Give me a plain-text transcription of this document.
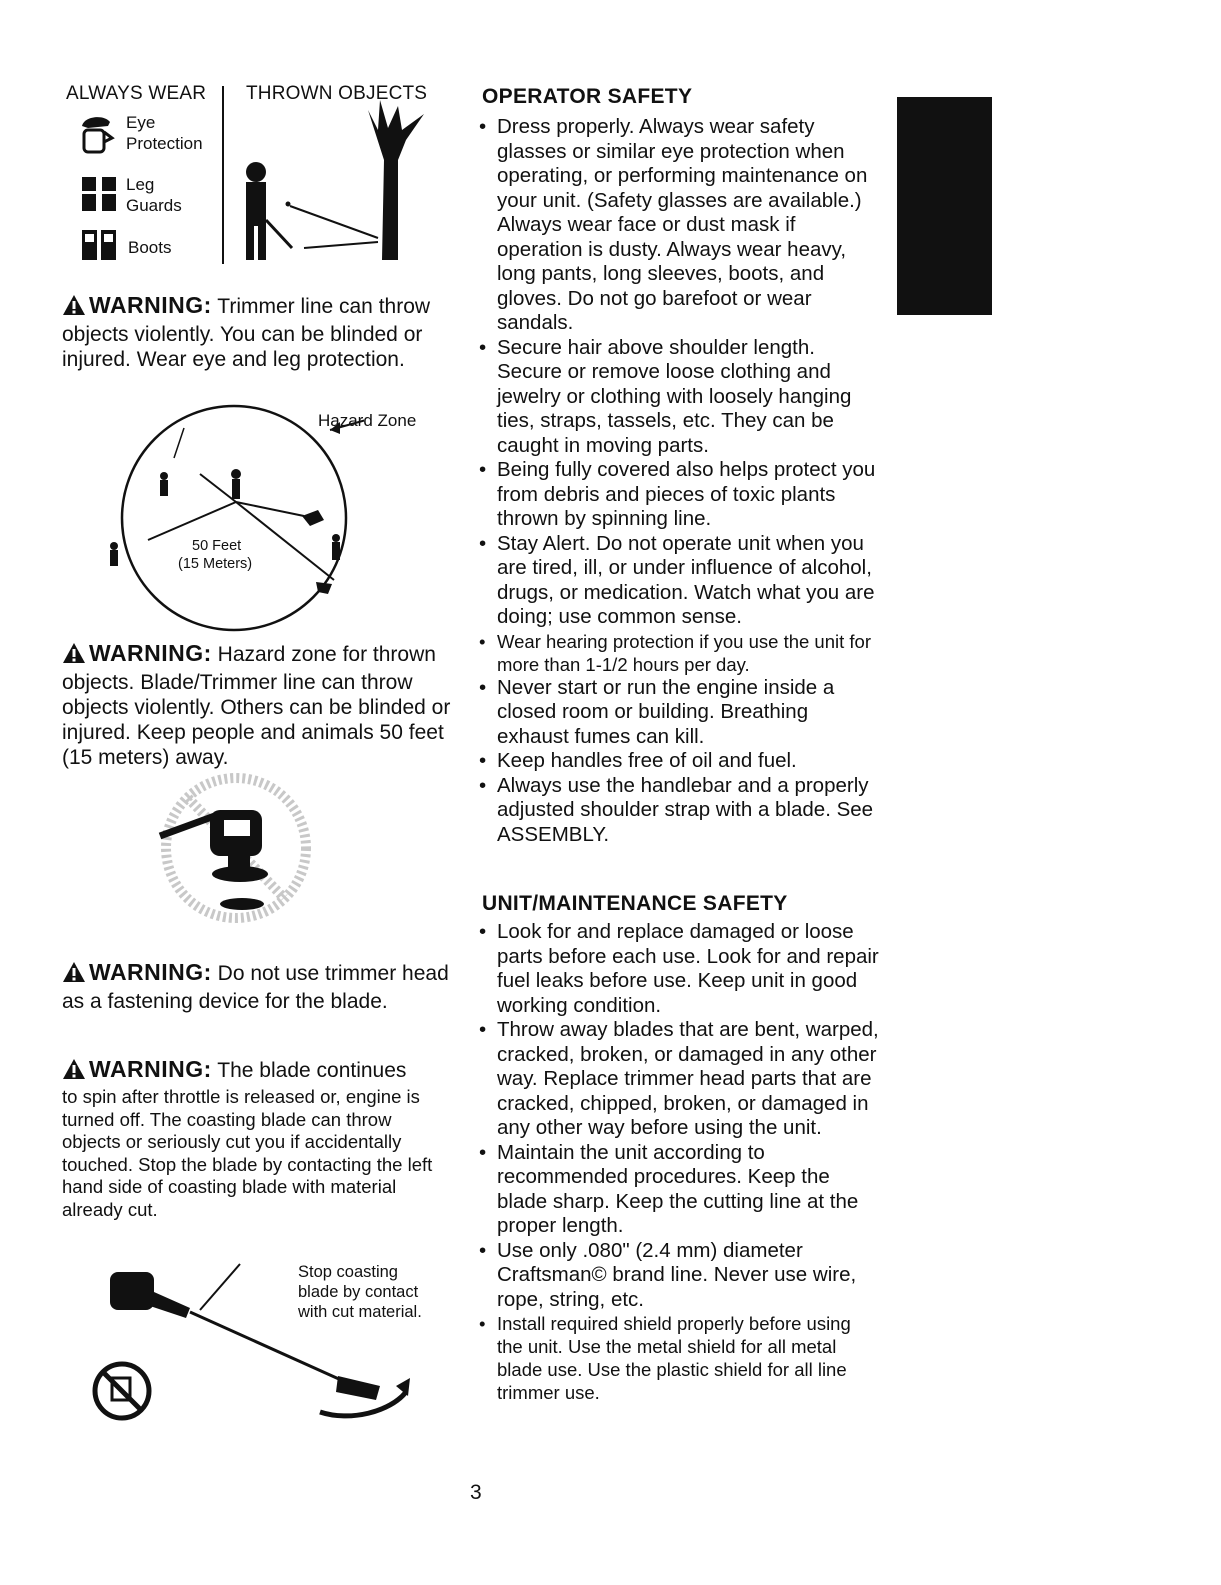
ALWAYS WEAR THROWN OBJECTS
Eye
Protection
Leg
Guards
Boots
WARNING: Trimmer line can throw objects violently. You can be blinded or injured. Wear eye and leg protection.
Hazard Zone
50 Feet
(15 Meters)
WARNING: Hazard zone for thrown objects. Blade/Trimmer line can throw objects violently. Others can be blinded or injured. Keep people and animals 50 feet (15 meters) away.
WARNING: Do not use trimmer head as a fastening device for the blade.
WARNING: The blade continues
to spin after throttle is released or, engine is turned off. The coasting blade can throw objects or seriously cut you if accidentally touched. Stop the blade by contacting the left hand side of coasting blade with material already cut.
Stop coasting
blade by contact
with cut material.
OPERATOR SAFETY
• Dress properly. Always wear safety glasses or similar eye protection when operating, or performing maintenance on your unit. (Safety glasses are available.) Always wear face or dust mask if operation is dusty. Always wear heavy, long pants, long sleeves, boots, and gloves. Do not go barefoot or wear sandals.
• Secure hair above shoulder length. Secure or remove loose clothing and jewelry or clothing with loosely hanging ties, straps, tassels, etc. They can be caught in moving parts.
• Being fully covered also helps protect you from debris and pieces of toxic plants thrown by spinning line.
• Stay Alert. Do not operate unit when you are tired, ill, or under influence of alcohol, drugs, or medication. Watch what you are doing; use common sense.
• Wear hearing protection if you use the unit for more than 1-1/2 hours per day.
• Never start or run the engine inside a closed room or building. Breathing exhaust fumes can kill.
• Keep handles free of oil and fuel.
• Always use the handlebar and a properly adjusted shoulder strap with a blade. See ASSEMBLY.
UNIT/MAINTENANCE SAFETY
• Look for and replace damaged or loose parts before each use. Look for and repair fuel leaks before use. Keep unit in good working condition.
• Throw away blades that are bent, warped, cracked, broken, or damaged in any other way. Replace trimmer head parts that are cracked, chipped, broken, or damaged in any other way before using the unit.
• Maintain the unit according to recommended procedures. Keep the blade sharp. Keep the cutting line at the proper length.
• Use only .080" (2.4 mm) diameter Craftsman© brand line. Never use wire, rope, string, etc.
• Install required shield properly before using the unit. Use the metal shield for all metal blade use. Use the plastic shield for all line trimmer use.
3
